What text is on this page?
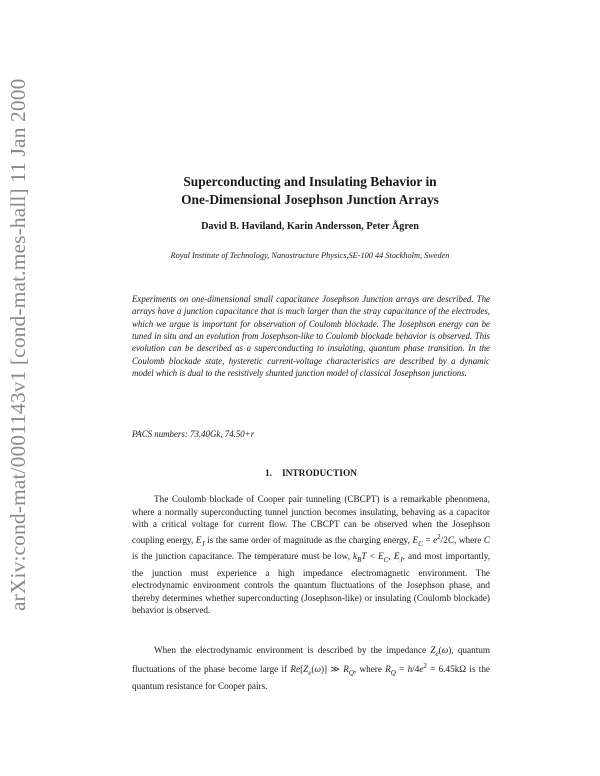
arXiv:cond-mat/0001143v1 [cond-mat.mes-hall] 11 Jan 2000	Superconducting and Insulating Behavior in
One-Dimensional Josephson Junction Arrays
David B. Haviland, Karin Andersson, Peter Ågren
Royal Institute of Technology, Nanostructure Physics,SE-100 44 Stockholm, Sweden

Experiments on one-dimensional small capacitance Josephson Junction arrays are described. The arrays have a junction capacitance that is much larger than the stray capacitance of the electrodes, which we argue is important for observation of Coulomb blockade. The Josephson energy can be tuned in situ and an evolution from Josephson-like to Coulomb blockade behavior is observed. This evolution can be described as a superconducting to insulating, quantum phase transition. In the Coulomb blockade state, hysteretic current-voltage characteristics are described by a dynamic model which is dual to the resistively shunted junction model of classical Josephson junctions.

PACS numbers: 73.40Gk, 74.50+r
1. INTRODUCTION

The Coulomb blockade of Cooper pair tunneling (CBCPT) is a remarkable phenomena, where a normally superconducting tunnel junction becomes insulating, behaving as a capacitor with a critical voltage for current flow. The CBCPT can be observed when the Josephson coupling energy, $E_J$ is the same order of magnitude as the charging energy, $E_C = e^2/2C$, where C is the junction capacitance. The temperature must be low, $k_BT < E_C$, $E_J$, and most importantly, the junction must experience a high impedance electromagnetic environment. The electrodynamic environment controls the quantum fluctuations of the Josephson phase, and thereby determines whether superconducting (Josephson-like) or insulating (Coulomb blockade) behavior is observed.

When the electrodynamic environment is described by the impedance $Z_e(\omega)$, quantum fluctuations of the phase become large if $Re[Z_e(\omega)]$ ≫ $R_Q$, where $R_Q = h/4e^2 = 6.45k\Omega$ is the quantum resistance for Cooper pairs.
